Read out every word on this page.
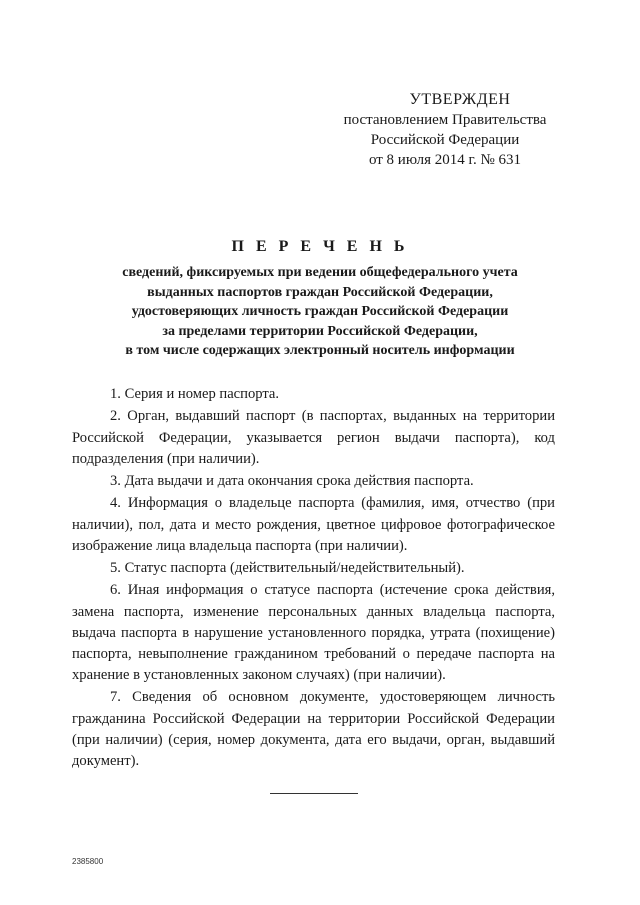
УТВЕРЖДЕН
постановлением Правительства
Российской Федерации
от 8 июля 2014 г. № 631
П Е Р Е Ч Е Н Ь
сведений, фиксируемых при ведении общефедерального учета
выданных паспортов граждан Российской Федерации,
удостоверяющих личность граждан Российской Федерации
за пределами территории Российской Федерации,
в том числе содержащих электронный носитель информации

1. Серия и номер паспорта.

2. Орган, выдавший паспорт (в паспортах, выданных на территории Российской Федерации, указывается регион выдачи паспорта), код подразделения (при наличии).

3. Дата выдачи и дата окончания срока действия паспорта.

4. Информация о владельце паспорта (фамилия, имя, отчество (при наличии), пол, дата и место рождения, цветное цифровое фотографическое изображение лица владельца паспорта (при наличии).

5. Статус паспорта (действительный/недействительный).

6. Иная информация о статусе паспорта (истечение срока действия, замена паспорта, изменение персональных данных владельца паспорта, выдача паспорта в нарушение установленного порядка, утрата (похищение) паспорта, невыполнение гражданином требований о передаче паспорта на хранение в установленных законом случаях) (при наличии).

7. Сведения об основном документе, удостоверяющем личность гражданина Российской Федерации на территории Российской Федерации (при наличии) (серия, номер документа, дата его выдачи, орган, выдавший документ).

2385800
